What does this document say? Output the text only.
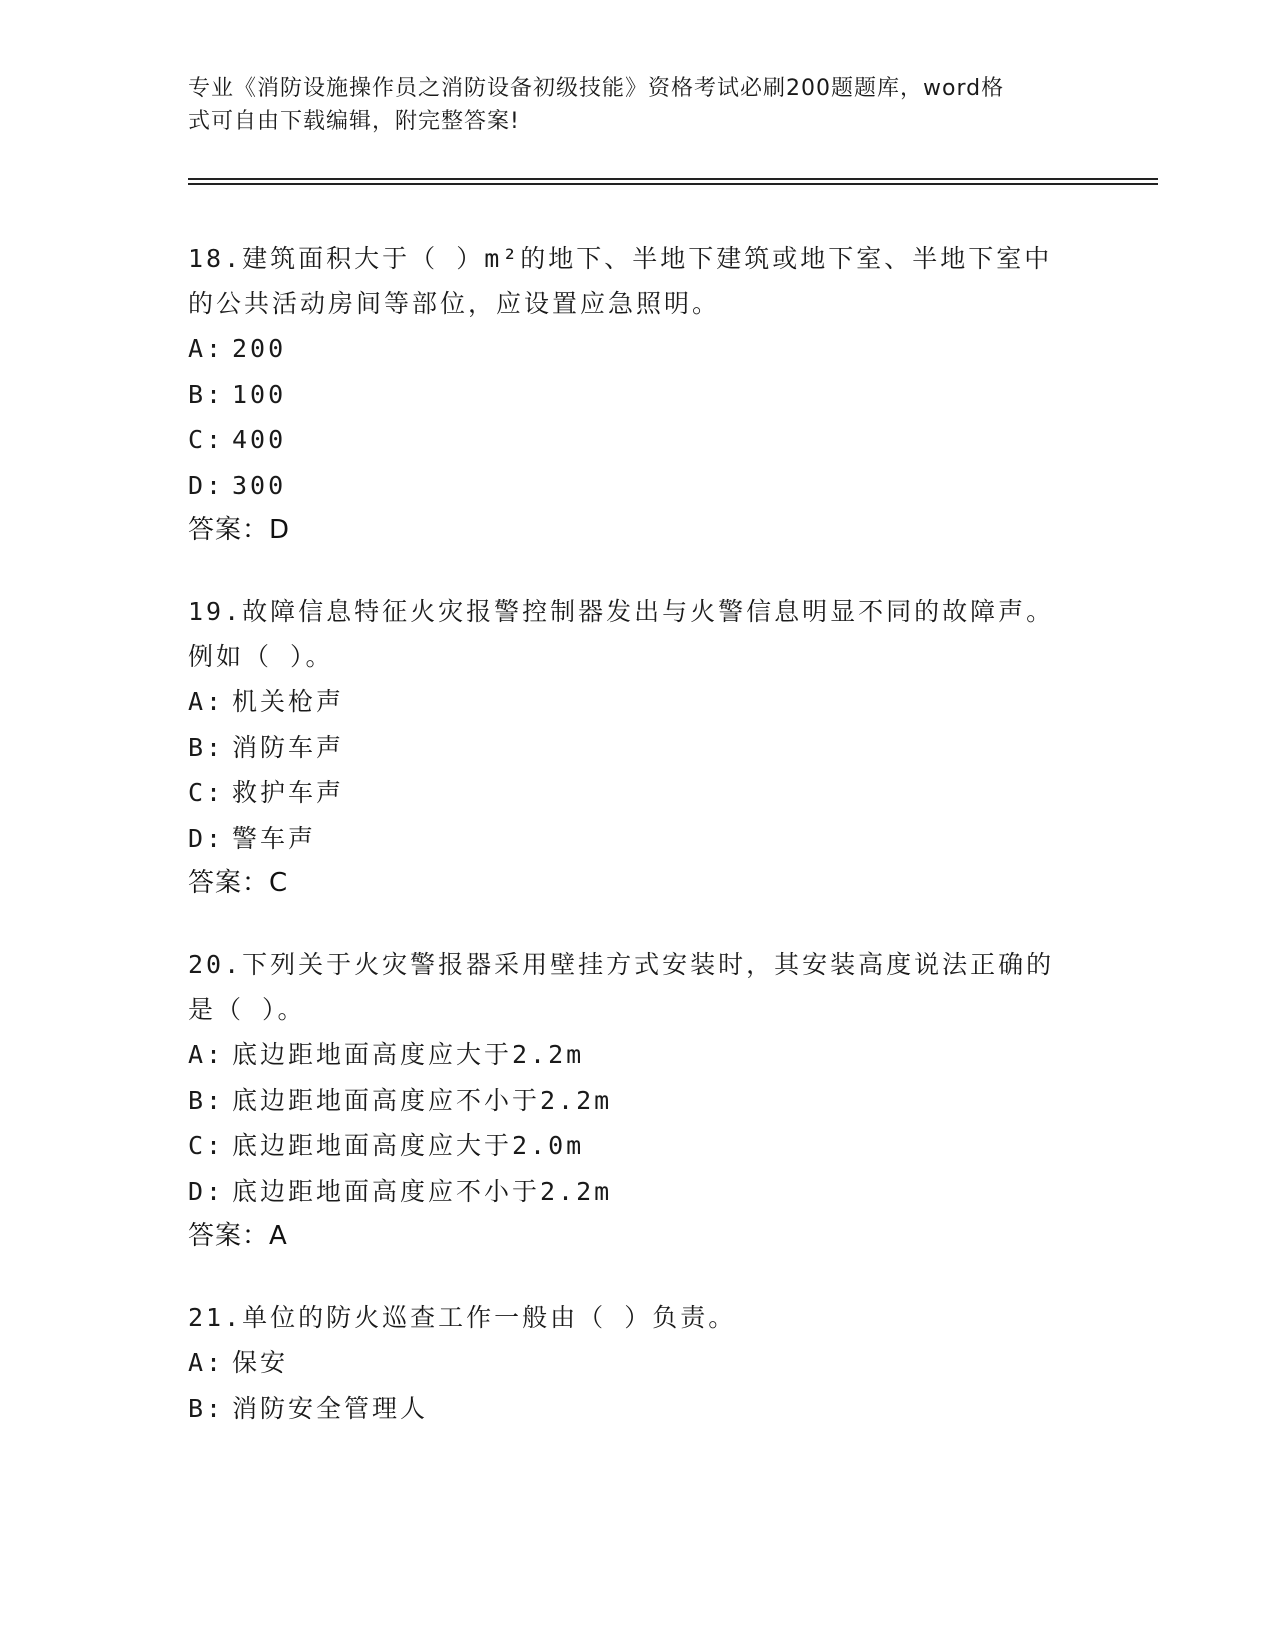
专业《消防设施操作员之消防设备初级技能》资格考试必刷200题题库，word格
式可自由下载编辑，附完整答案!

18.建筑面积大于（ ）m²的地下、半地下建筑或地下室、半地下室中
的公共活动房间等部位，应设置应急照明。

A: 200

B: 100

C: 400

D: 300

答案：D

19.故障信息特征火灾报警控制器发出与火警信息明显不同的故障声。
例如（ ）。

A: 机关枪声

B: 消防车声

C: 救护车声

D: 警车声

答案：C

20.下列关于火灾警报器采用壁挂方式安装时，其安装高度说法正确的
是（ ）。

A: 底边距地面高度应大于2.2m

B: 底边距地面高度应不小于2.2m

C: 底边距地面高度应大于2.0m

D: 底边距地面高度应不小于2.2m

答案：A

21.单位的防火巡查工作一般由（ ）负责。

A: 保安

B: 消防安全管理人
